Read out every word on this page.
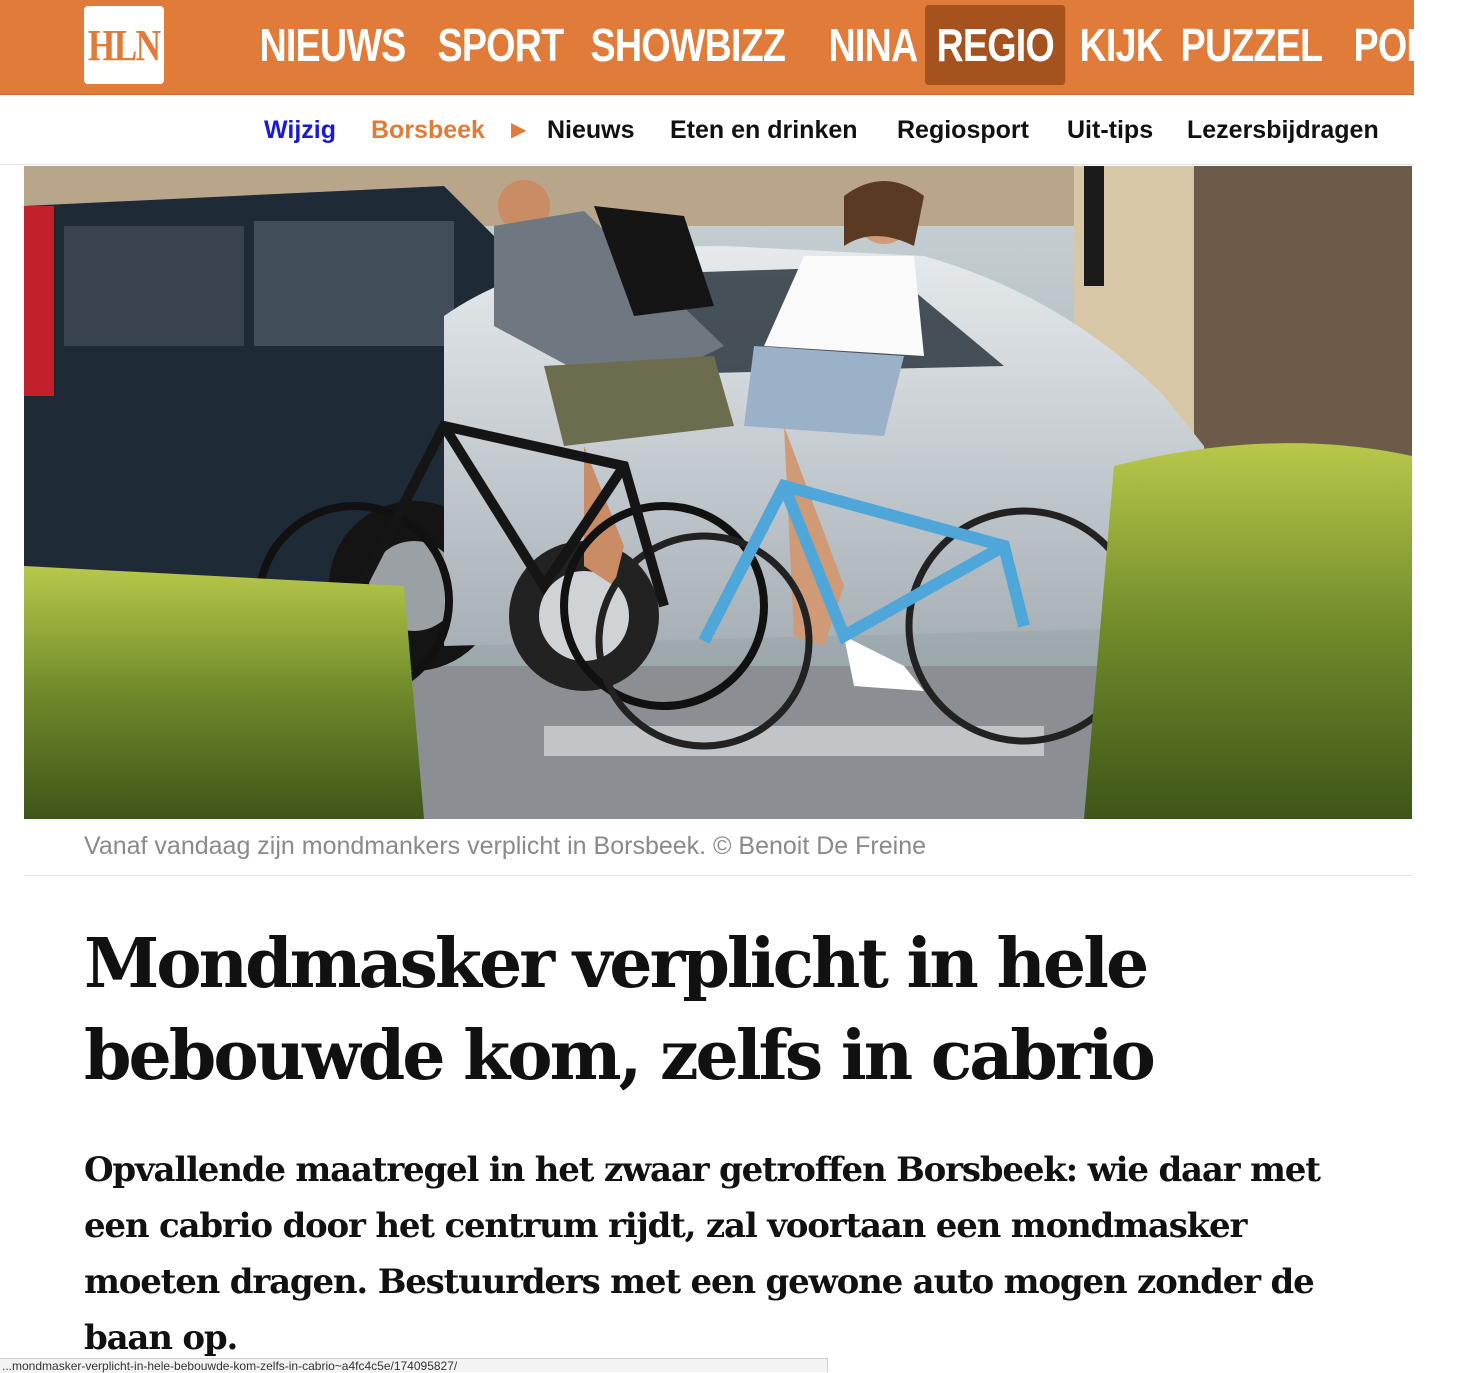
HLN NIEUWS SPORT SHOWBIZZ NINA REGIO KIJK PUZZEL PODC
Wijzig Borsbeek ▶ Nieuws Eten en drinken Regiosport Uit-tips Lezersbijdragen
Vanaf vandaag zijn mondmankers verplicht in Borsbeek. © Benoit De Freine
Mondmasker verplicht in hele bebouwde kom, zelfs in cabrio

Opvallende maatregel in het zwaar getroffen Borsbeek: wie daar met een cabrio door het centrum rijdt, zal voortaan een mondmasker moeten dragen. Bestuurders met een gewone auto mogen zonder de baan op.

...mondmasker-verplicht-in-hele-bebouwde-kom-zelfs-in-cabrio~a4fc4c5e/174095827/
